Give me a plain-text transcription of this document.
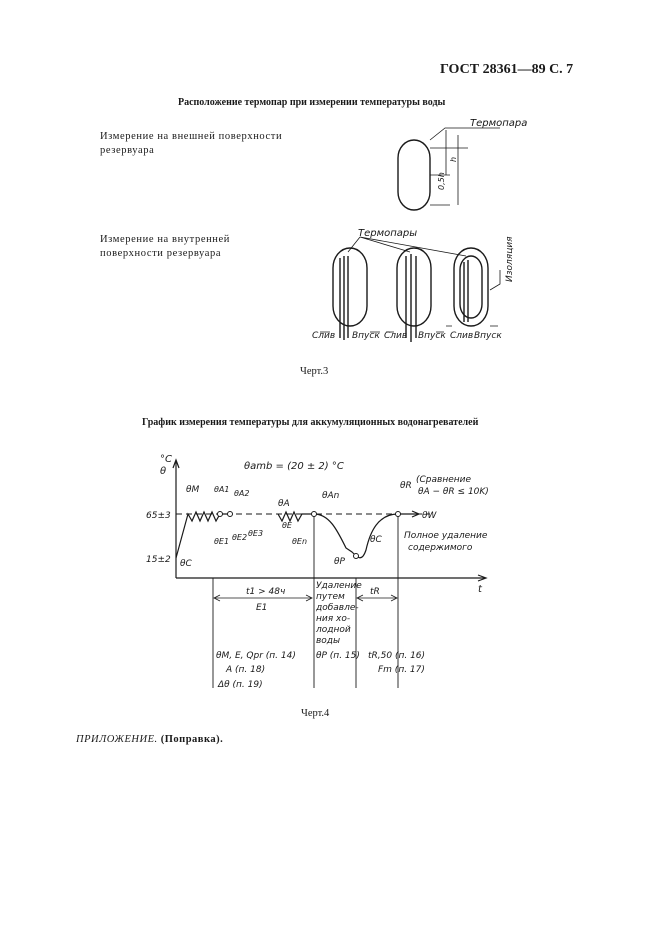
ГОСТ 28361—89 С. 7
Расположение термопар при измерении температуры воды
Измерение на внешней поверхности резервуара
Измерение на внутренней поверхности резервуара
Термопара
0,5h
h
Термопары
Изоляция
Слив Впуск Слив Впуск Слив Впуск
Черт.3
График измерения температуры для аккумуляционных водонагревателей
°C
θ
t
θamb = (20 ± 2) °C
65±3
15±2
θM θA1 θA2
θE1 θE2 θE3
θA
θE
θAn
θEn
θC
θC
θP
θR
θW
(Сравнение
θA − θR ≤ 10K)
Полное удаление
содержимого
t1 > 48ч
E1
Удаление
путем
добавле-
ния хо-
лодной
воды
tR
θM, E, Qpr (п. 14)
A (п. 18)
Δθ (п. 19)
θP (п. 15) tR,50 (п. 16)
Fm (п. 17)
Черт.4
ПРИЛОЖЕНИЕ. (Поправка).
